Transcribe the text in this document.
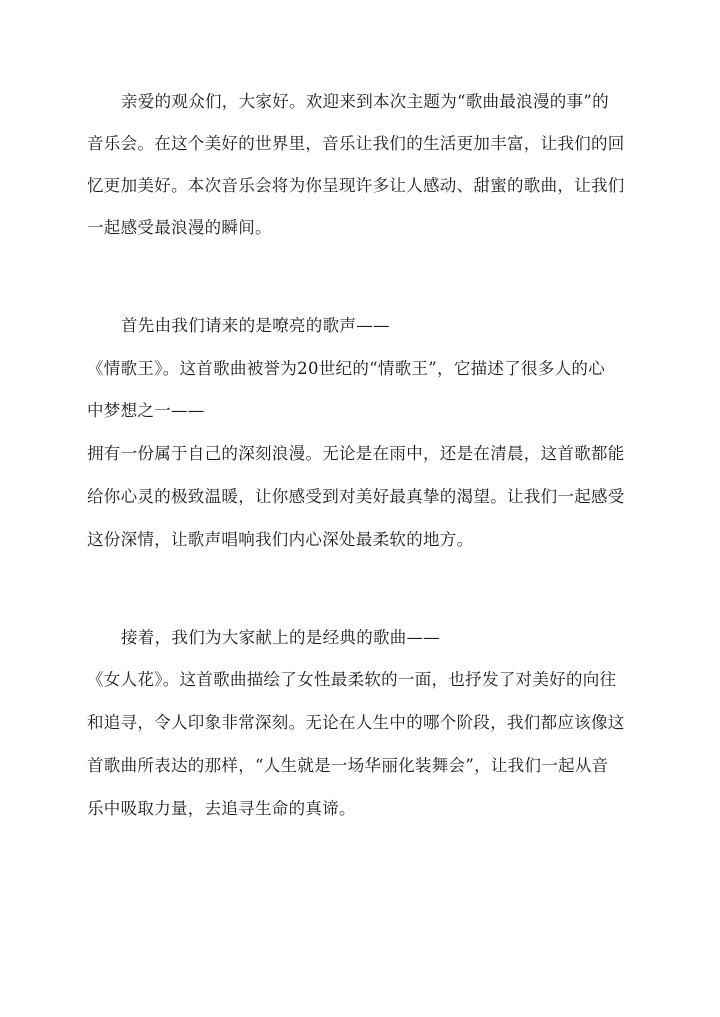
亲爱的观众们，大家好。欢迎来到本次主题为“歌曲最浪漫的事”的
音乐会。在这个美好的世界里，音乐让我们的生活更加丰富，让我们的回
忆更加美好。本次音乐会将为你呈现许多让人感动、甜蜜的歌曲，让我们
一起感受最浪漫的瞬间。
首先由我们请来的是嘹亮的歌声——
《情歌王》。这首歌曲被誉为20世纪的“情歌王”，它描述了很多人的心
中梦想之一——
拥有一份属于自己的深刻浪漫。无论是在雨中，还是在清晨，这首歌都能
给你心灵的极致温暖，让你感受到对美好最真挚的渴望。让我们一起感受
这份深情，让歌声唱响我们内心深处最柔软的地方。
接着，我们为大家献上的是经典的歌曲——
《女人花》。这首歌曲描绘了女性最柔软的一面，也抒发了对美好的向往
和追寻，令人印象非常深刻。无论在人生中的哪个阶段，我们都应该像这
首歌曲所表达的那样，“人生就是一场华丽化装舞会”，让我们一起从音
乐中吸取力量，去追寻生命的真谛。
